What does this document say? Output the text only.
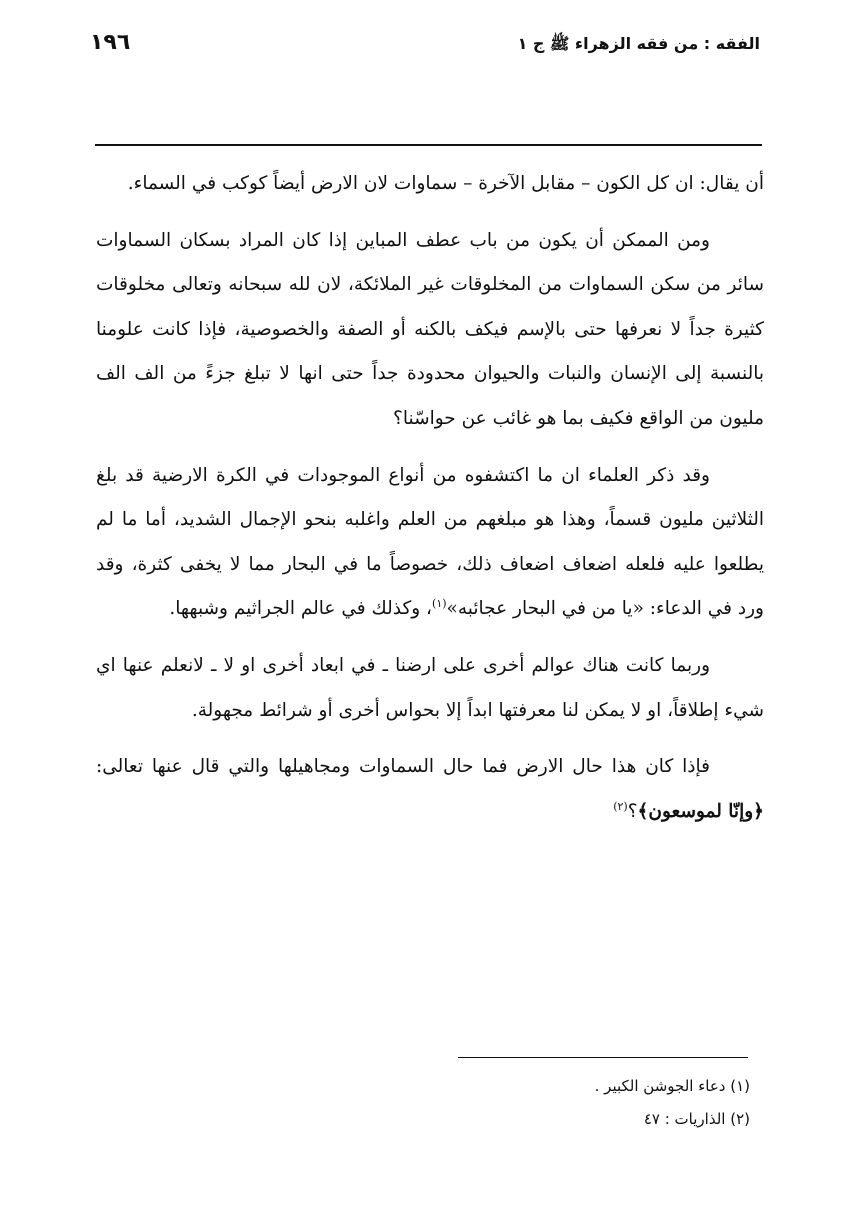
١٩٦	الفقه : من فقه الزهراء ﷺ ج ١

أن يقال: ان كل الكون – مقابل الآخرة – سماوات لان الارض أيضاً كوكب في السماء.

ومن الممكن أن يكون من باب عطف المباين إذا كان المراد بسكان السماوات سائر من سكن السماوات من المخلوقات غير الملائكة، لان لله سبحانه وتعالى مخلوقات كثيرة جداً لا نعرفها حتى بالإسم فيكف بالكنه أو الصفة والخصوصية، فإذا كانت علومنا بالنسبة إلى الإنسان والنبات والحيوان محدودة جداً حتى انها لا تبلغ جزءً من الف الف مليون من الواقع فكيف بما هو غائب عن حواسّنا؟

وقد ذكر العلماء ان ما اكتشفوه من أنواع الموجودات في الكرة الارضية قد بلغ الثلاثين مليون قسماً، وهذا هو مبلغهم من العلم واغلبه بنحو الإجمال الشديد، أما ما لم يطلعوا عليه فلعله اضعاف اضعاف ذلك، خصوصاً ما في البحار مما لا يخفى كثرة، وقد ورد في الدعاء: «يا من في البحار عجائبه»$^{(١)}$، وكذلك في عالم الجراثيم وشبهها.

وربما كانت هناك عوالم أخرى على ارضنا ـ في ابعاد أخرى او لا ـ لانعلم عنها اي شيء إطلاقاً، او لا يمكن لنا معرفتها ابداً إلا بحواس أخرى أو شرائط مجهولة.

فإذا كان هذا حال الارض فما حال السماوات ومجاهيلها والتي قال عنها تعالى: ﴿وإنّا لموسعون﴾؟$^{(٢)}$

(١) دعاء الجوشن الكبير .
(٢) الذاريات : ٤٧
